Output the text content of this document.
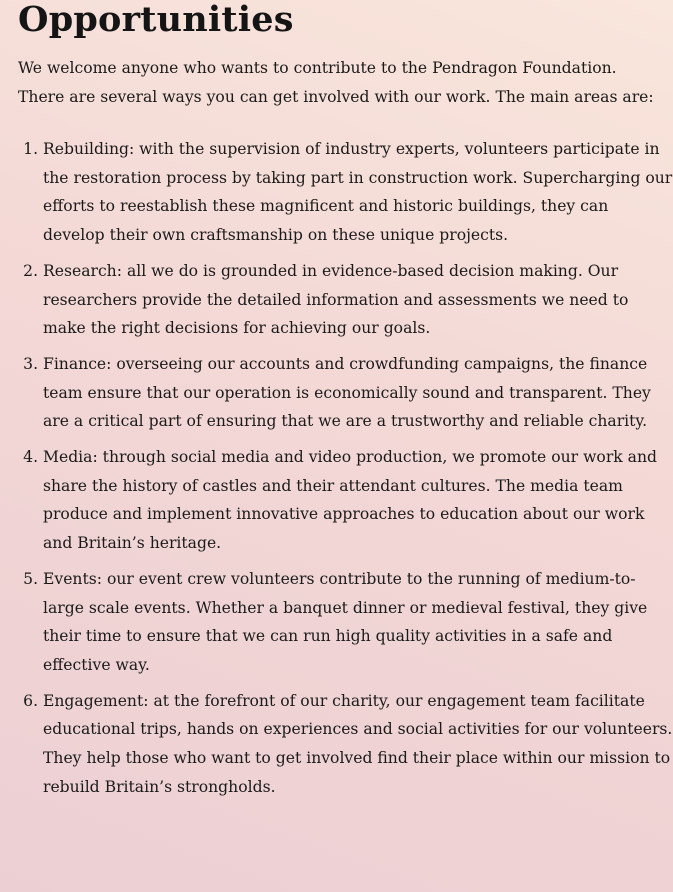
Opportunities

We welcome anyone who wants to contribute to the Pendragon Foundation. There are several ways you can get involved with our work. The main areas are:

1. Rebuilding: with the supervision of industry experts, volunteers participate in the restoration process by taking part in construction work. Supercharging our efforts to reestablish these magnificent and historic buildings, they can develop their own craftsmanship on these unique projects.
2. Research: all we do is grounded in evidence-based decision making. Our researchers provide the detailed information and assessments we need to make the right decisions for achieving our goals.
3. Finance: overseeing our accounts and crowdfunding campaigns, the finance team ensure that our operation is economically sound and transparent. They are a critical part of ensuring that we are a trustworthy and reliable charity.
4. Media: through social media and video production, we promote our work and share the history of castles and their attendant cultures. The media team produce and implement innovative approaches to education about our work and Britain’s heritage.
5. Events: our event crew volunteers contribute to the running of medium-to-large scale events. Whether a banquet dinner or medieval festival, they give their time to ensure that we can run high quality activities in a safe and effective way.
6. Engagement: at the forefront of our charity, our engagement team facilitate educational trips, hands on experiences and social activities for our volunteers. They help those who want to get involved find their place within our mission to rebuild Britain’s strongholds.
